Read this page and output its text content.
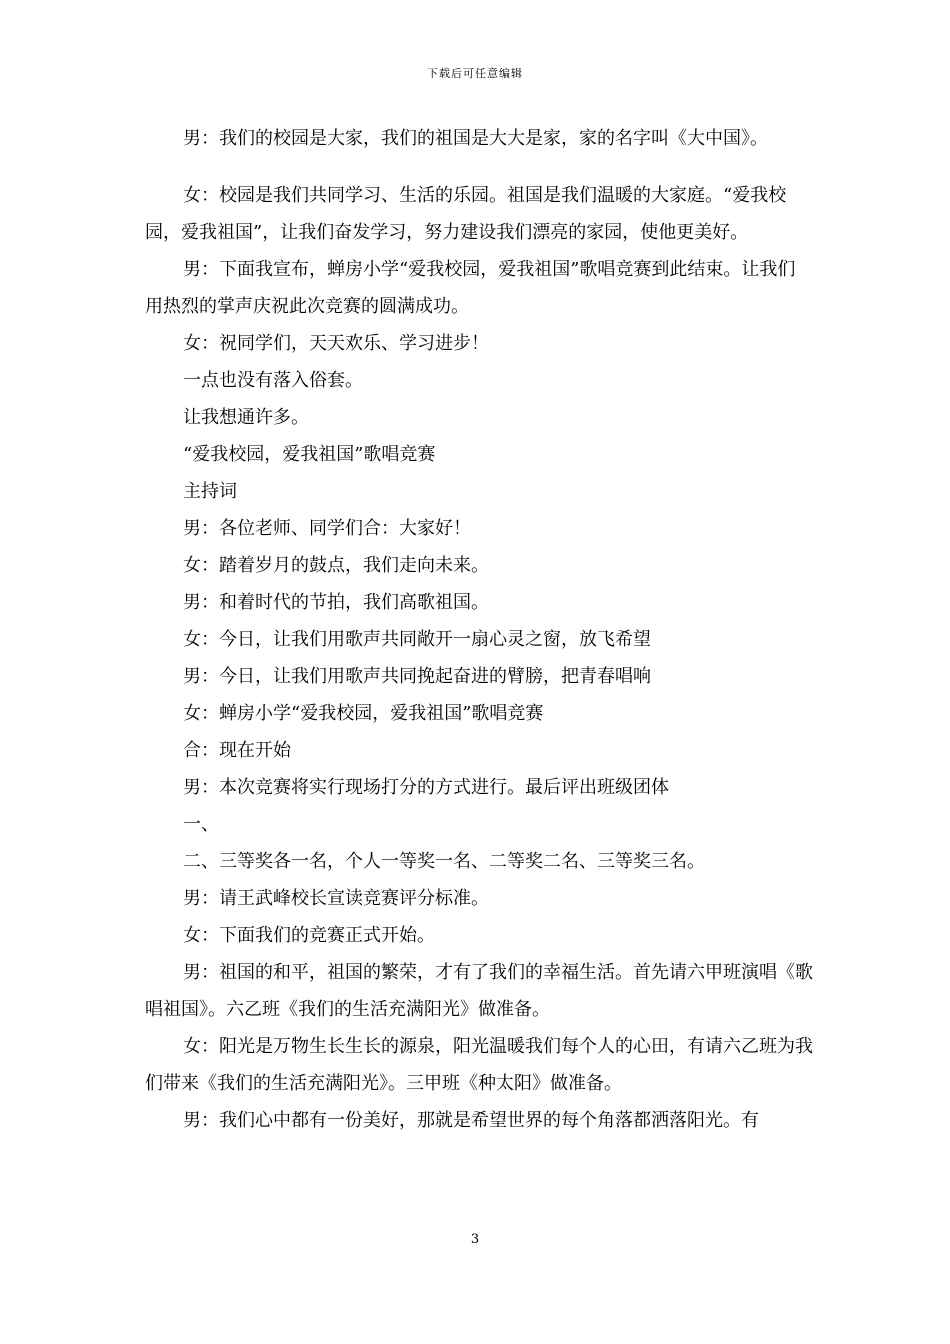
下载后可任意编辑

男：我们的校园是大家，我们的祖国是大大是家，家的名字叫《大中国》。

女：校园是我们共同学习、生活的乐园。祖国是我们温暖的大家庭。“爱我校园，爱我祖国”，让我们奋发学习，努力建设我们漂亮的家园，使他更美好。

男：下面我宣布，蝉房小学“爱我校园，爱我祖国”歌唱竞赛到此结束。让我们用热烈的掌声庆祝此次竞赛的圆满成功。

女：祝同学们，天天欢乐、学习进步！

一点也没有落入俗套。

让我想通许多。

“爱我校园，爱我祖国”歌唱竞赛

主持词

男：各位老师、同学们合：大家好！

女：踏着岁月的鼓点，我们走向未来。

男：和着时代的节拍，我们高歌祖国。

女：今日，让我们用歌声共同敞开一扇心灵之窗，放飞希望

男：今日，让我们用歌声共同挽起奋进的臂膀，把青春唱响

女：蝉房小学“爱我校园，爱我祖国”歌唱竞赛

合：现在开始

男：本次竞赛将实行现场打分的方式进行。最后评出班级团体

一、

二、三等奖各一名，个人一等奖一名、二等奖二名、三等奖三名。

男：请王武峰校长宣读竞赛评分标准。

女：下面我们的竞赛正式开始。

男：祖国的和平，祖国的繁荣，才有了我们的幸福生活。首先请六甲班演唱《歌唱祖国》。六乙班《我们的生活充满阳光》做准备。

女：阳光是万物生长生长的源泉，阳光温暖我们每个人的心田，有请六乙班为我们带来《我们的生活充满阳光》。三甲班《种太阳》做准备。

男：我们心中都有一份美好，那就是希望世界的每个角落都洒落阳光。有

3
